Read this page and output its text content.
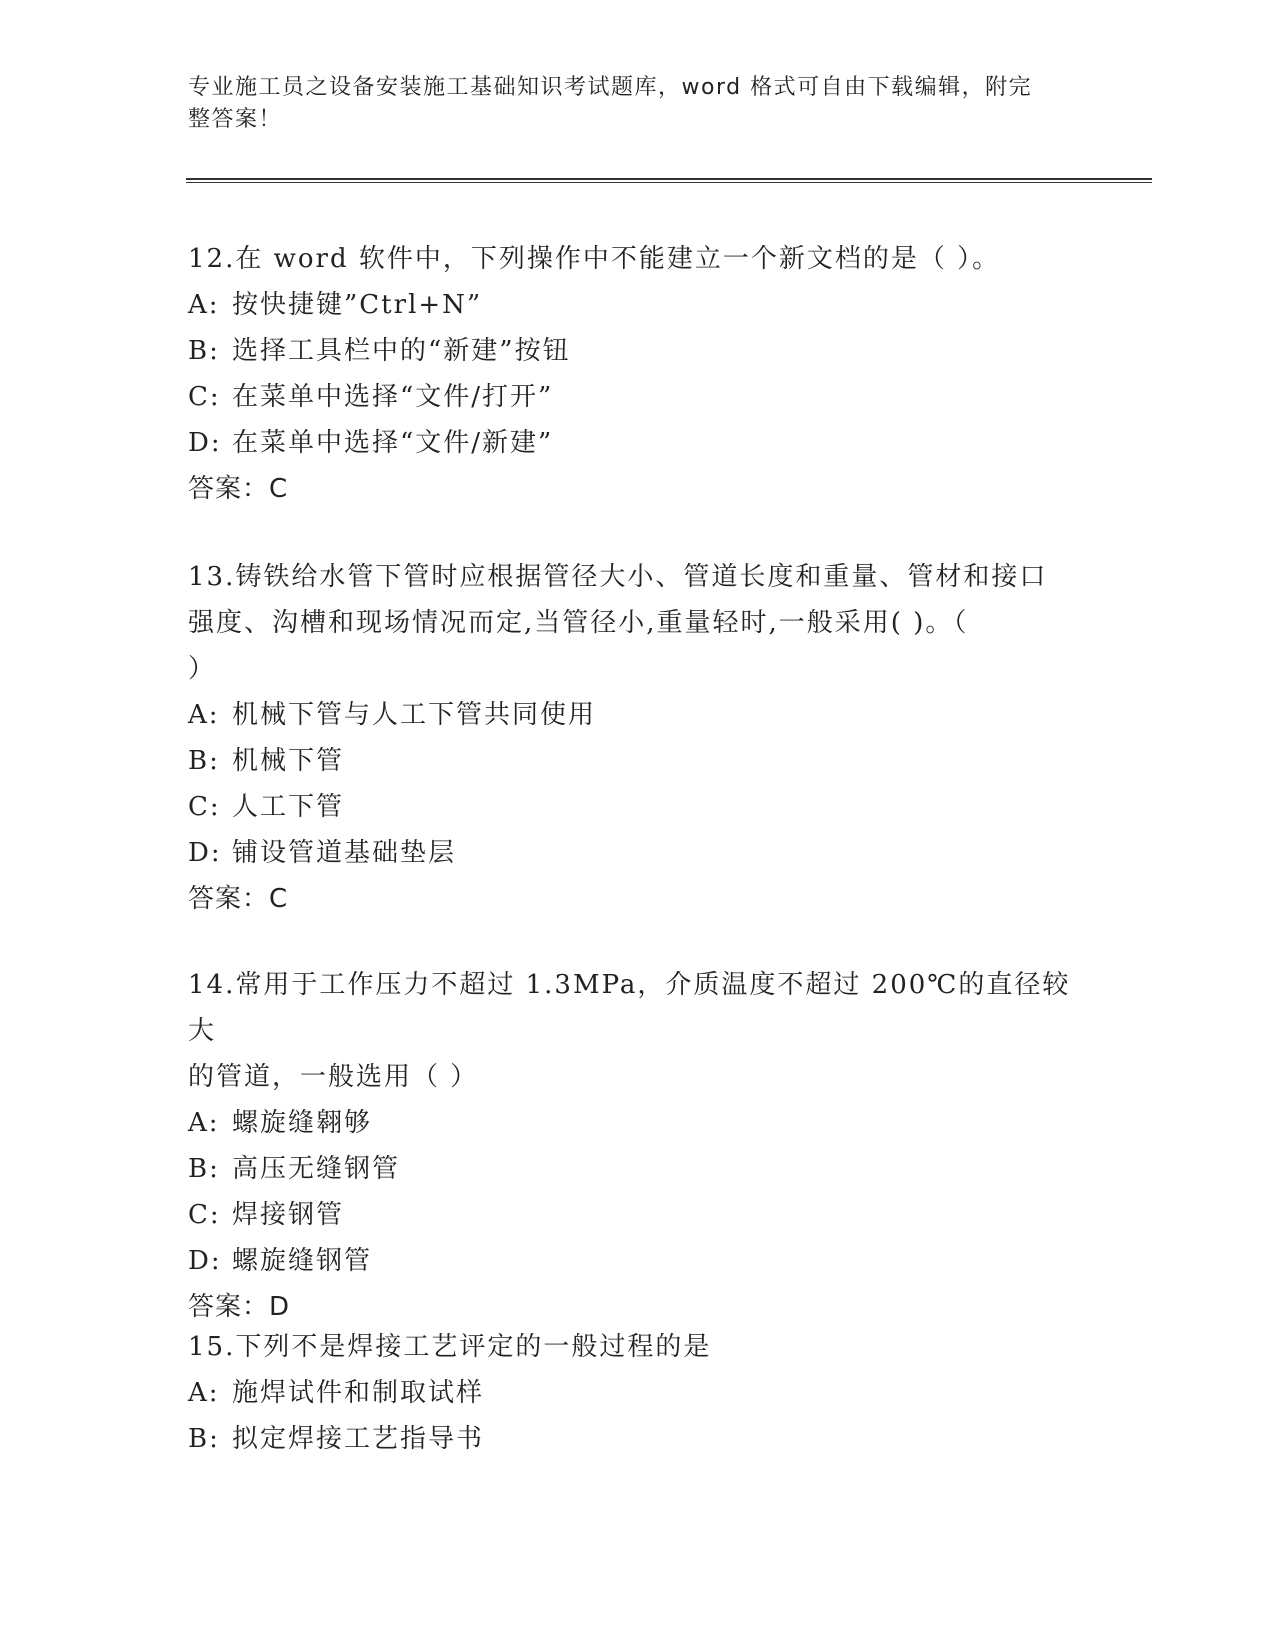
专业施工员之设备安装施工基础知识考试题库，word 格式可自由下载编辑，附完
整答案！
12.在 word 软件中，下列操作中不能建立一个新文档的是（ ）。
A: 按快捷键”Ctrl+N”
B: 选择工具栏中的“新建”按钮
C: 在菜单中选择“文件/打开”
D: 在菜单中选择“文件/新建”
答案：C
13.铸铁给水管下管时应根据管径大小、管道长度和重量、管材和接口
强度、沟槽和现场情况而定,当管径小,重量轻时,一般采用( )。（
）
A: 机械下管与人工下管共同使用
B: 机械下管
C: 人工下管
D: 铺设管道基础垫层
答案：C
14.常用于工作压力不超过 1.3MPa，介质温度不超过 200℃的直径较大
的管道，一般选用（ ）
A: 螺旋缝翱够
B: 高压无缝钢管
C: 焊接钢管
D: 螺旋缝钢管
答案：D
15.下列不是焊接工艺评定的一般过程的是
A: 施焊试件和制取试样
B: 拟定焊接工艺指导书
